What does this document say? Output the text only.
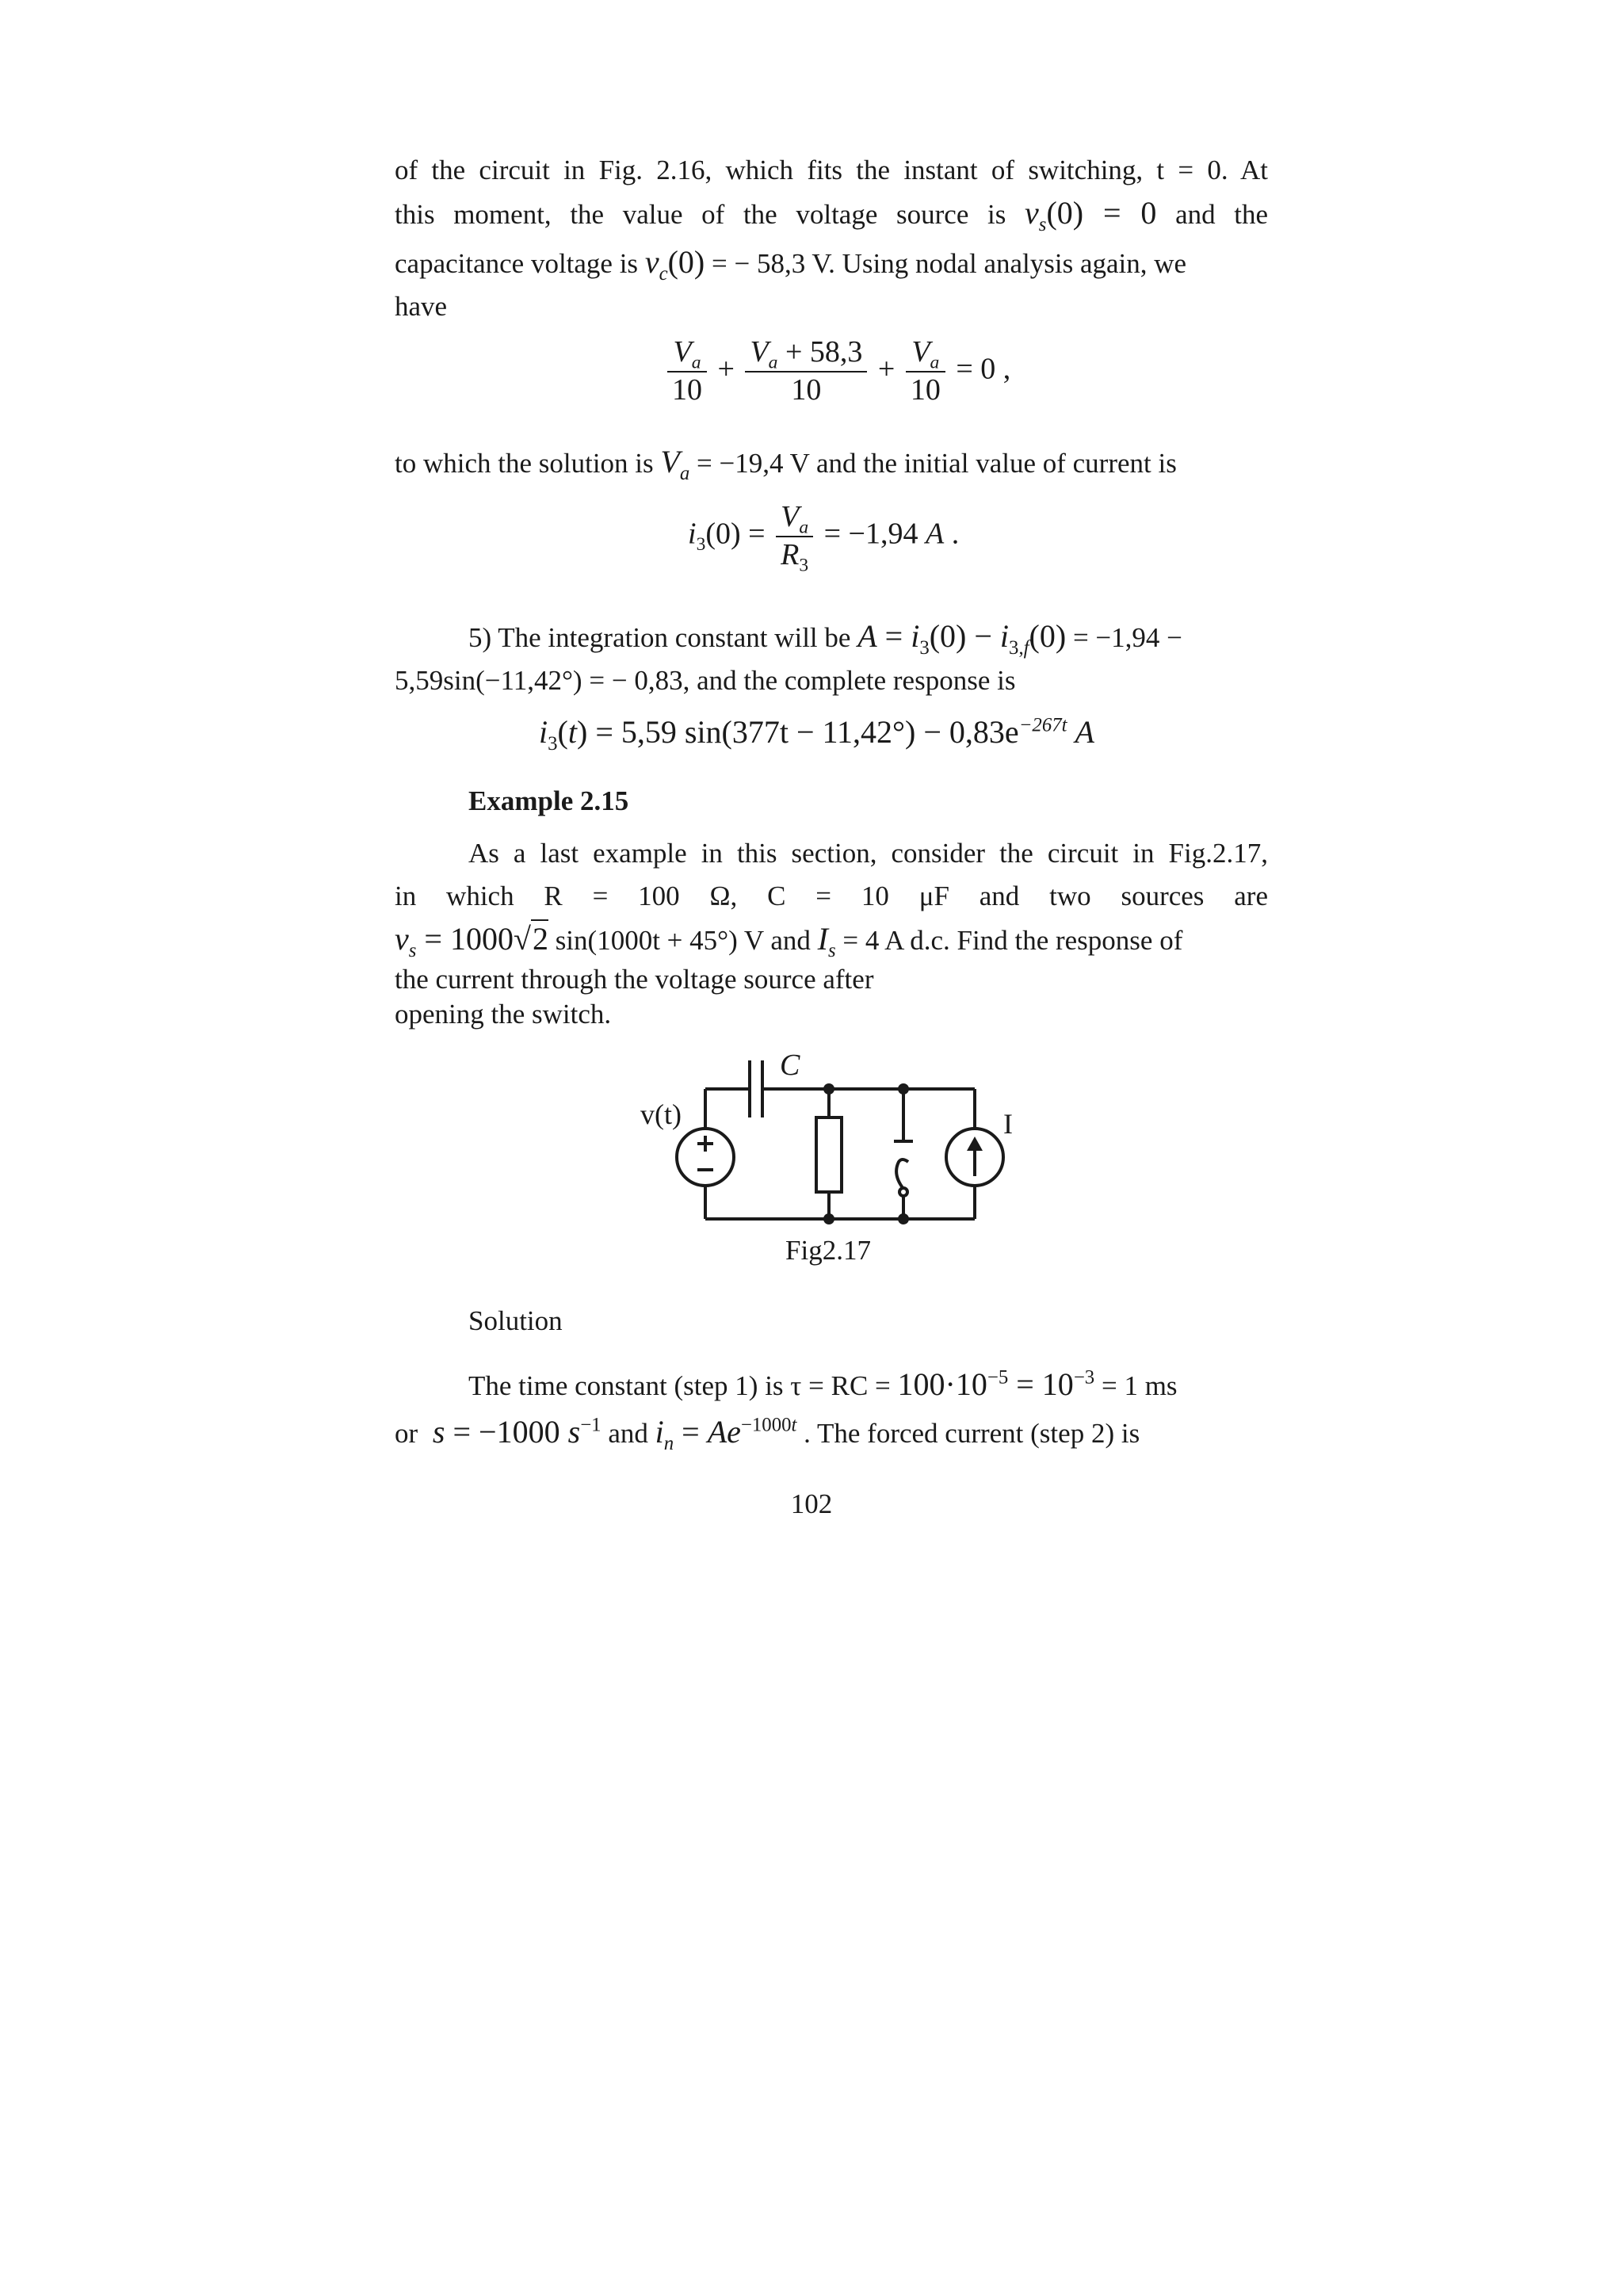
of the circuit in Fig. 2.16, which fits the instant of switching, t = 0. At
this moment, the value of the voltage source is $v_s(0) = 0$ and the
capacitance voltage is $v_c(0)$ = − 58,3 V. Using nodal analysis again, we
have
$\frac{V_a}{10} + \frac{V_a + 58,3}{10} + \frac{V_a}{10} = 0$ ,
to which the solution is $V_a = -19,4$ V and the initial value of current is
$i_3(0) = \frac{V_a}{R_3} = -1,94$ A .
5) The integration constant will be $A = i_3(0) - i_{3,f}(0) = -1,94$ −
5,59sin(−11,42°) = − 0,83, and the complete response is
$i_3(t) = 5,59$ $\sin(377t - 11,42^\circ) - 0,83e^{-267t}$ A
Example 2.15
As a last example in this section, consider the circuit in Fig.2.17,
in which R = 100 Ω, C = 10 μF and two sources are
$v_s = 1000√2$ sin(1000t + 45°) V and $I_s = 4$ A d.c. Find the response of
the current through the voltage source after
opening the switch.
C
v(t)	I
Fig2.17
Solution
The time constant (step 1) is τ = RC = $100\cdot 10^{-5} = 10^{-3} = 1$ ms
or s = −1000 $s^{-1}$ and $i_n = Ae^{-1000t}$ . The forced current (step 2) is
102
